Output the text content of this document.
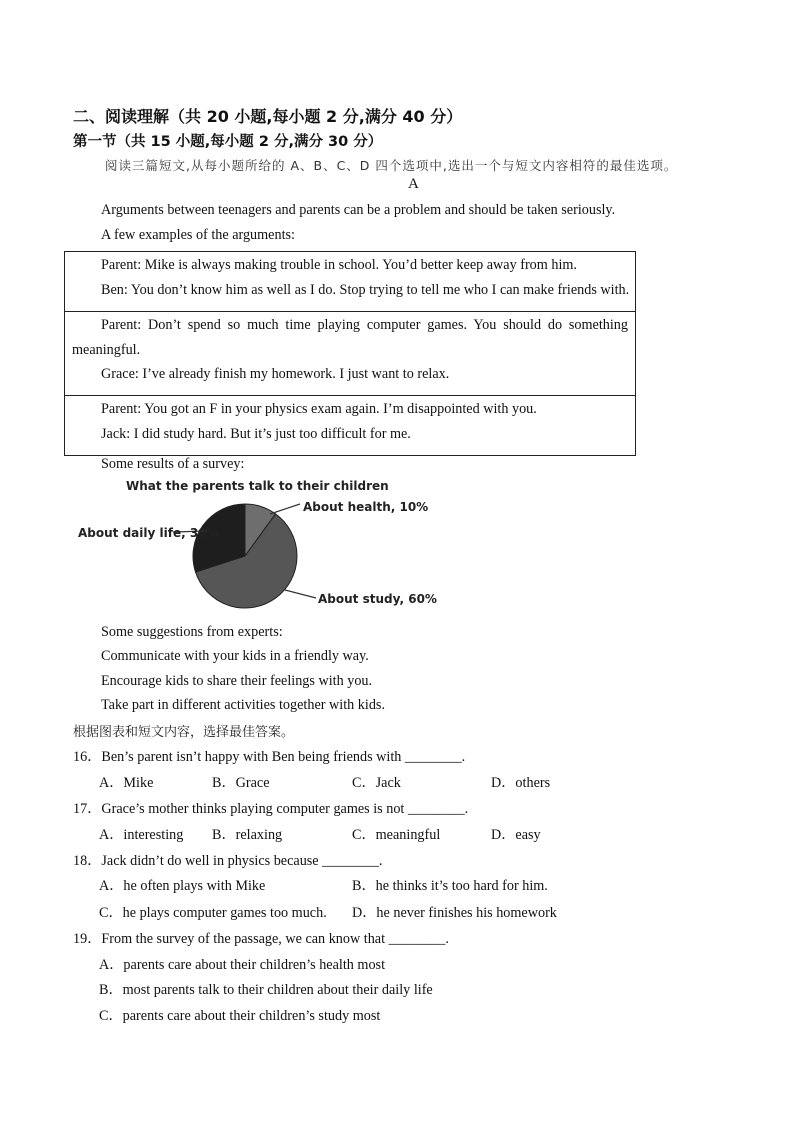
二、阅读理解（共 20 小题,每小题 2 分,满分 40 分）
第一节（共 15 小题,每小题 2 分,满分 30 分）
阅读三篇短文,从每小题所给的 A、B、C、D 四个选项中,选出一个与短文内容相符的最佳选项。
A
Arguments between teenagers and parents can be a problem and should be taken seriously.
A few examples of the arguments:
Parent: Mike is always making trouble in school. You’d better keep away from him.
Ben: You don’t know him as well as I do. Stop trying to tell me who I can make friends with.
Parent: Don’t spend so much time playing computer games. You should do something
meaningful.
Grace: I’ve already finish my homework. I just want to relax.
Parent: You got an F in your physics exam again. I’m disappointed with you.
Jack: I did study hard. But it’s just too difficult for me.
Some results of a survey:
What the parents talk to their children
About health, 10%
About daily life, 30%
About study, 60%
Some suggestions from experts:
Communicate with your kids in a friendly way.
Encourage kids to share their feelings with you.
Take part in different activities together with kids.
根据图表和短文内容，选择最佳答案。
16．Ben’s parent isn’t happy with Ben being friends with ________.
A．Mike	B．Grace	C．Jack	D．others
17．Grace’s mother thinks playing computer games is not ________.
A．interesting B．relaxing	C．meaningful	D．easy
18．Jack didn’t do well in physics because ________.
A．he often plays with Mike	B．he thinks it’s too hard for him.
C．he plays computer games too much. D．he never finishes his homework
19．From the survey of the passage, we can know that ________.
A．parents care about their children’s health most
B．most parents talk to their children about their daily life
C．parents care about their children’s study most
